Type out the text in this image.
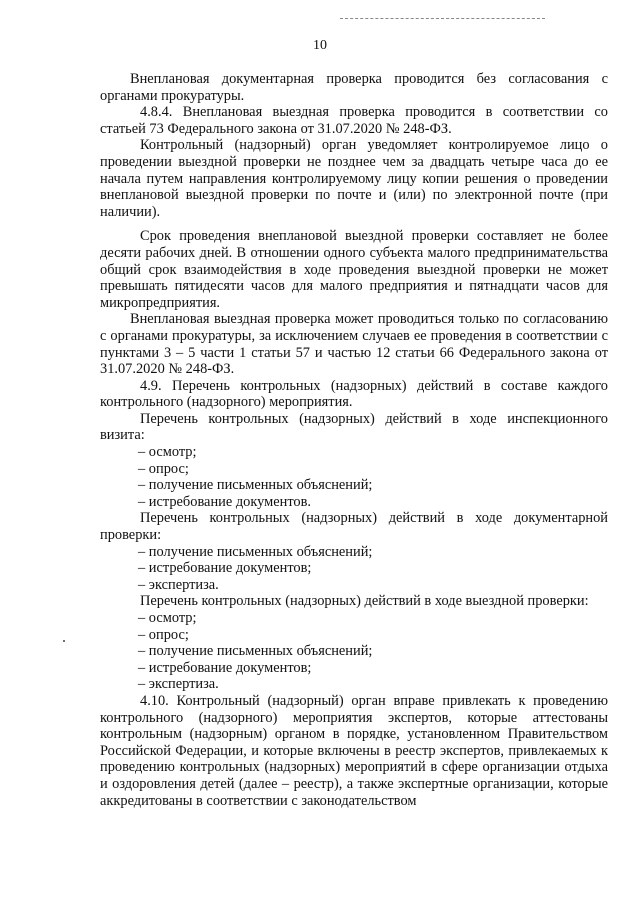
10

Внеплановая документарная проверка проводится без согласования с органами прокуратуры.

4.8.4. Внеплановая выездная проверка проводится в соответствии со статьей 73 Федерального закона от 31.07.2020 № 248-ФЗ.

Контрольный (надзорный) орган уведомляет контролируемое лицо о проведении выездной проверки не позднее чем за двадцать четыре часа до ее начала путем направления контролируемому лицу копии решения о проведении внеплановой выездной проверки по почте и (или) по электронной почте (при наличии).

Срок проведения внеплановой выездной проверки составляет не более десяти рабочих дней. В отношении одного субъекта малого предпринимательства общий срок взаимодействия в ходе проведения выездной проверки не может превышать пятидесяти часов для малого предприятия и пятнадцати часов для микропредприятия.

Внеплановая выездная проверка может проводиться только по согласованию с органами прокуратуры, за исключением случаев ее проведения в соответствии с пунктами 3 – 5 части 1 статьи 57 и частью 12 статьи 66 Федерального закона от 31.07.2020 № 248-ФЗ.

4.9. Перечень контрольных (надзорных) действий в составе каждого контрольного (надзорного) мероприятия.

Перечень контрольных (надзорных) действий в ходе инспекционного визита:

– осмотр;

– опрос;

– получение письменных объяснений;

– истребование документов.

Перечень контрольных (надзорных) действий в ходе документарной проверки:

– получение письменных объяснений;

– истребование документов;

– экспертиза.

Перечень контрольных (надзорных) действий в ходе выездной проверки:

– осмотр;

– опрос;

– получение письменных объяснений;

– истребование документов;

– экспертиза.

4.10. Контрольный (надзорный) орган вправе привлекать к проведению контрольного (надзорного) мероприятия экспертов, которые аттестованы контрольным (надзорным) органом в порядке, установленном Правительством Российской Федерации, и которые включены в реестр экспертов, привлекаемых к проведению контрольных (надзорных) мероприятий в сфере организации отдыха и оздоровления детей (далее – реестр), а также экспертные организации, которые аккредитованы в соответствии с законодательством
